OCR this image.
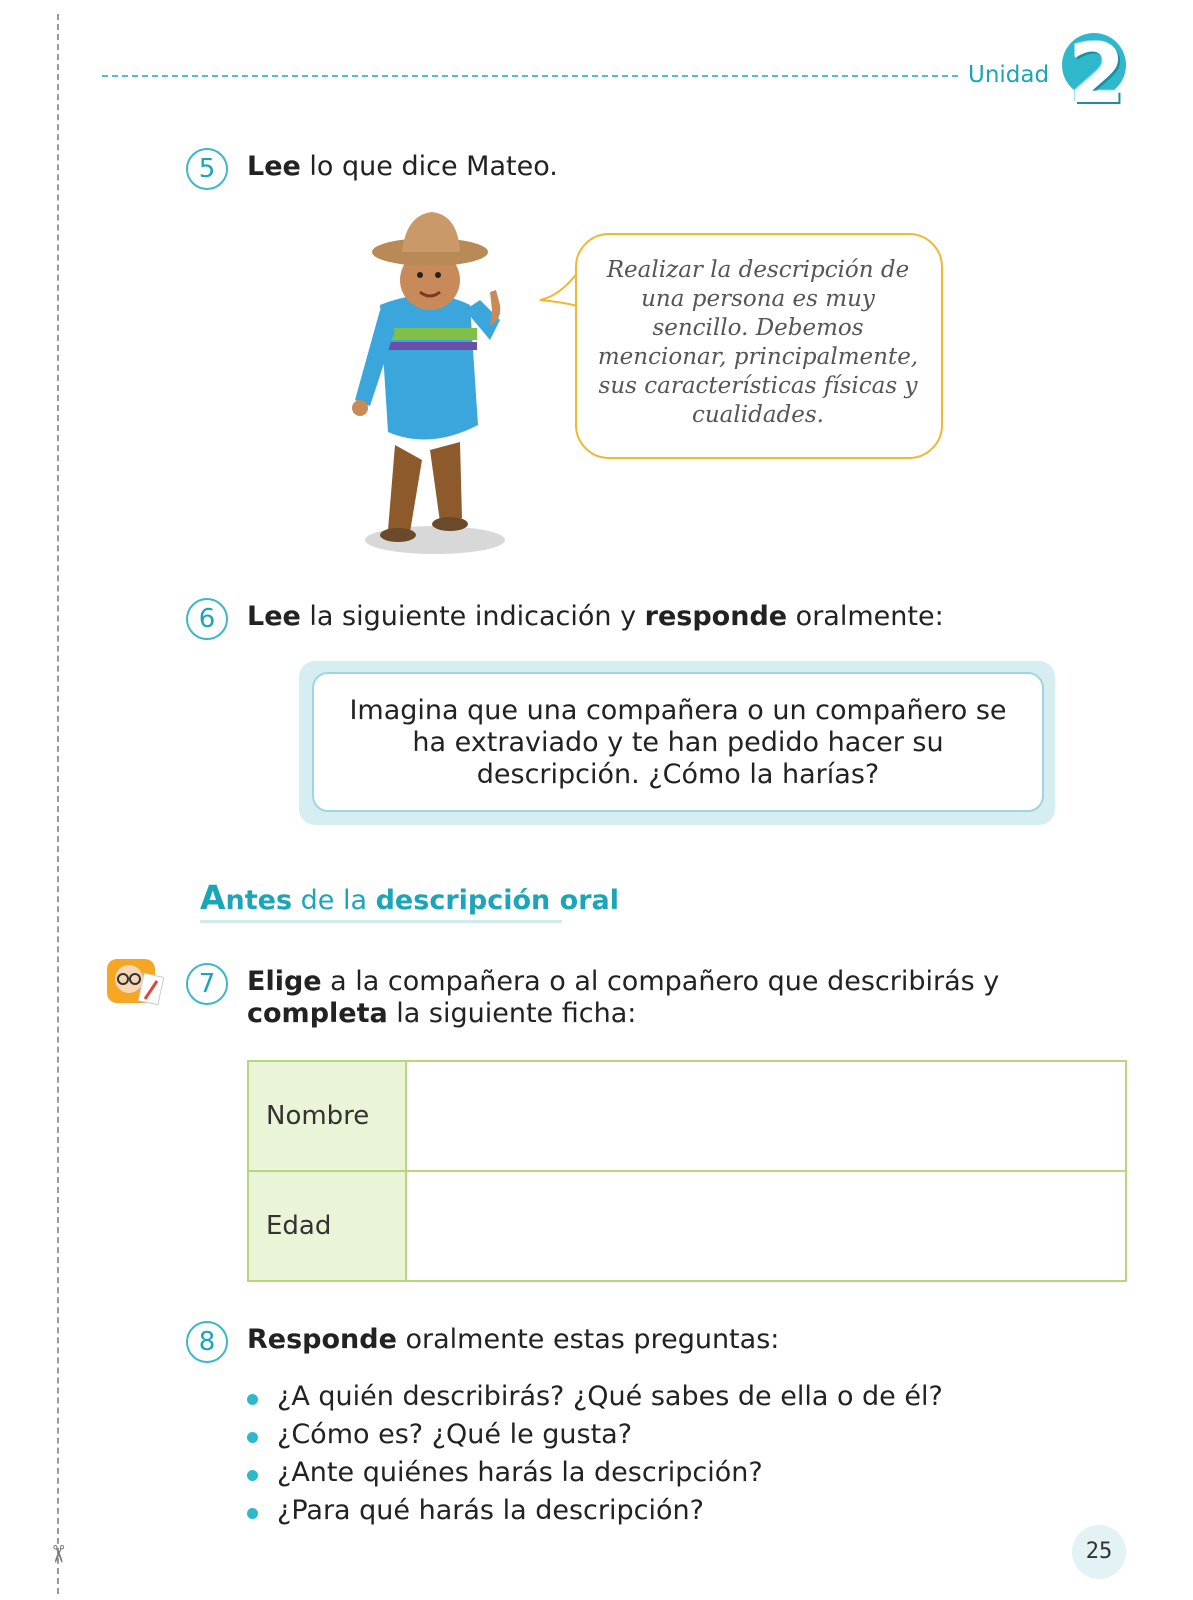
✂
Unidad 2
5	Lee lo que dice Mateo.
Realizar la descripción de una persona es muy sencillo. Debemos mencionar, principalmente, sus características físicas y cualidades.
6	Lee la siguiente indicación y responde oralmente:
Imagina que una compañera o un compañero se ha extraviado y te han pedido hacer su descripción. ¿Cómo la harías?
Antes de la descripción oral
7	Elige a la compañera o al compañero que describirás y completa la siguiente ficha:
Nombre	
Edad	
8	Responde oralmente estas preguntas:
¿A quién describirás? ¿Qué sabes de ella o de él?
¿Cómo es? ¿Qué le gusta?
¿Ante quiénes harás la descripción?
¿Para qué harás la descripción?
25
